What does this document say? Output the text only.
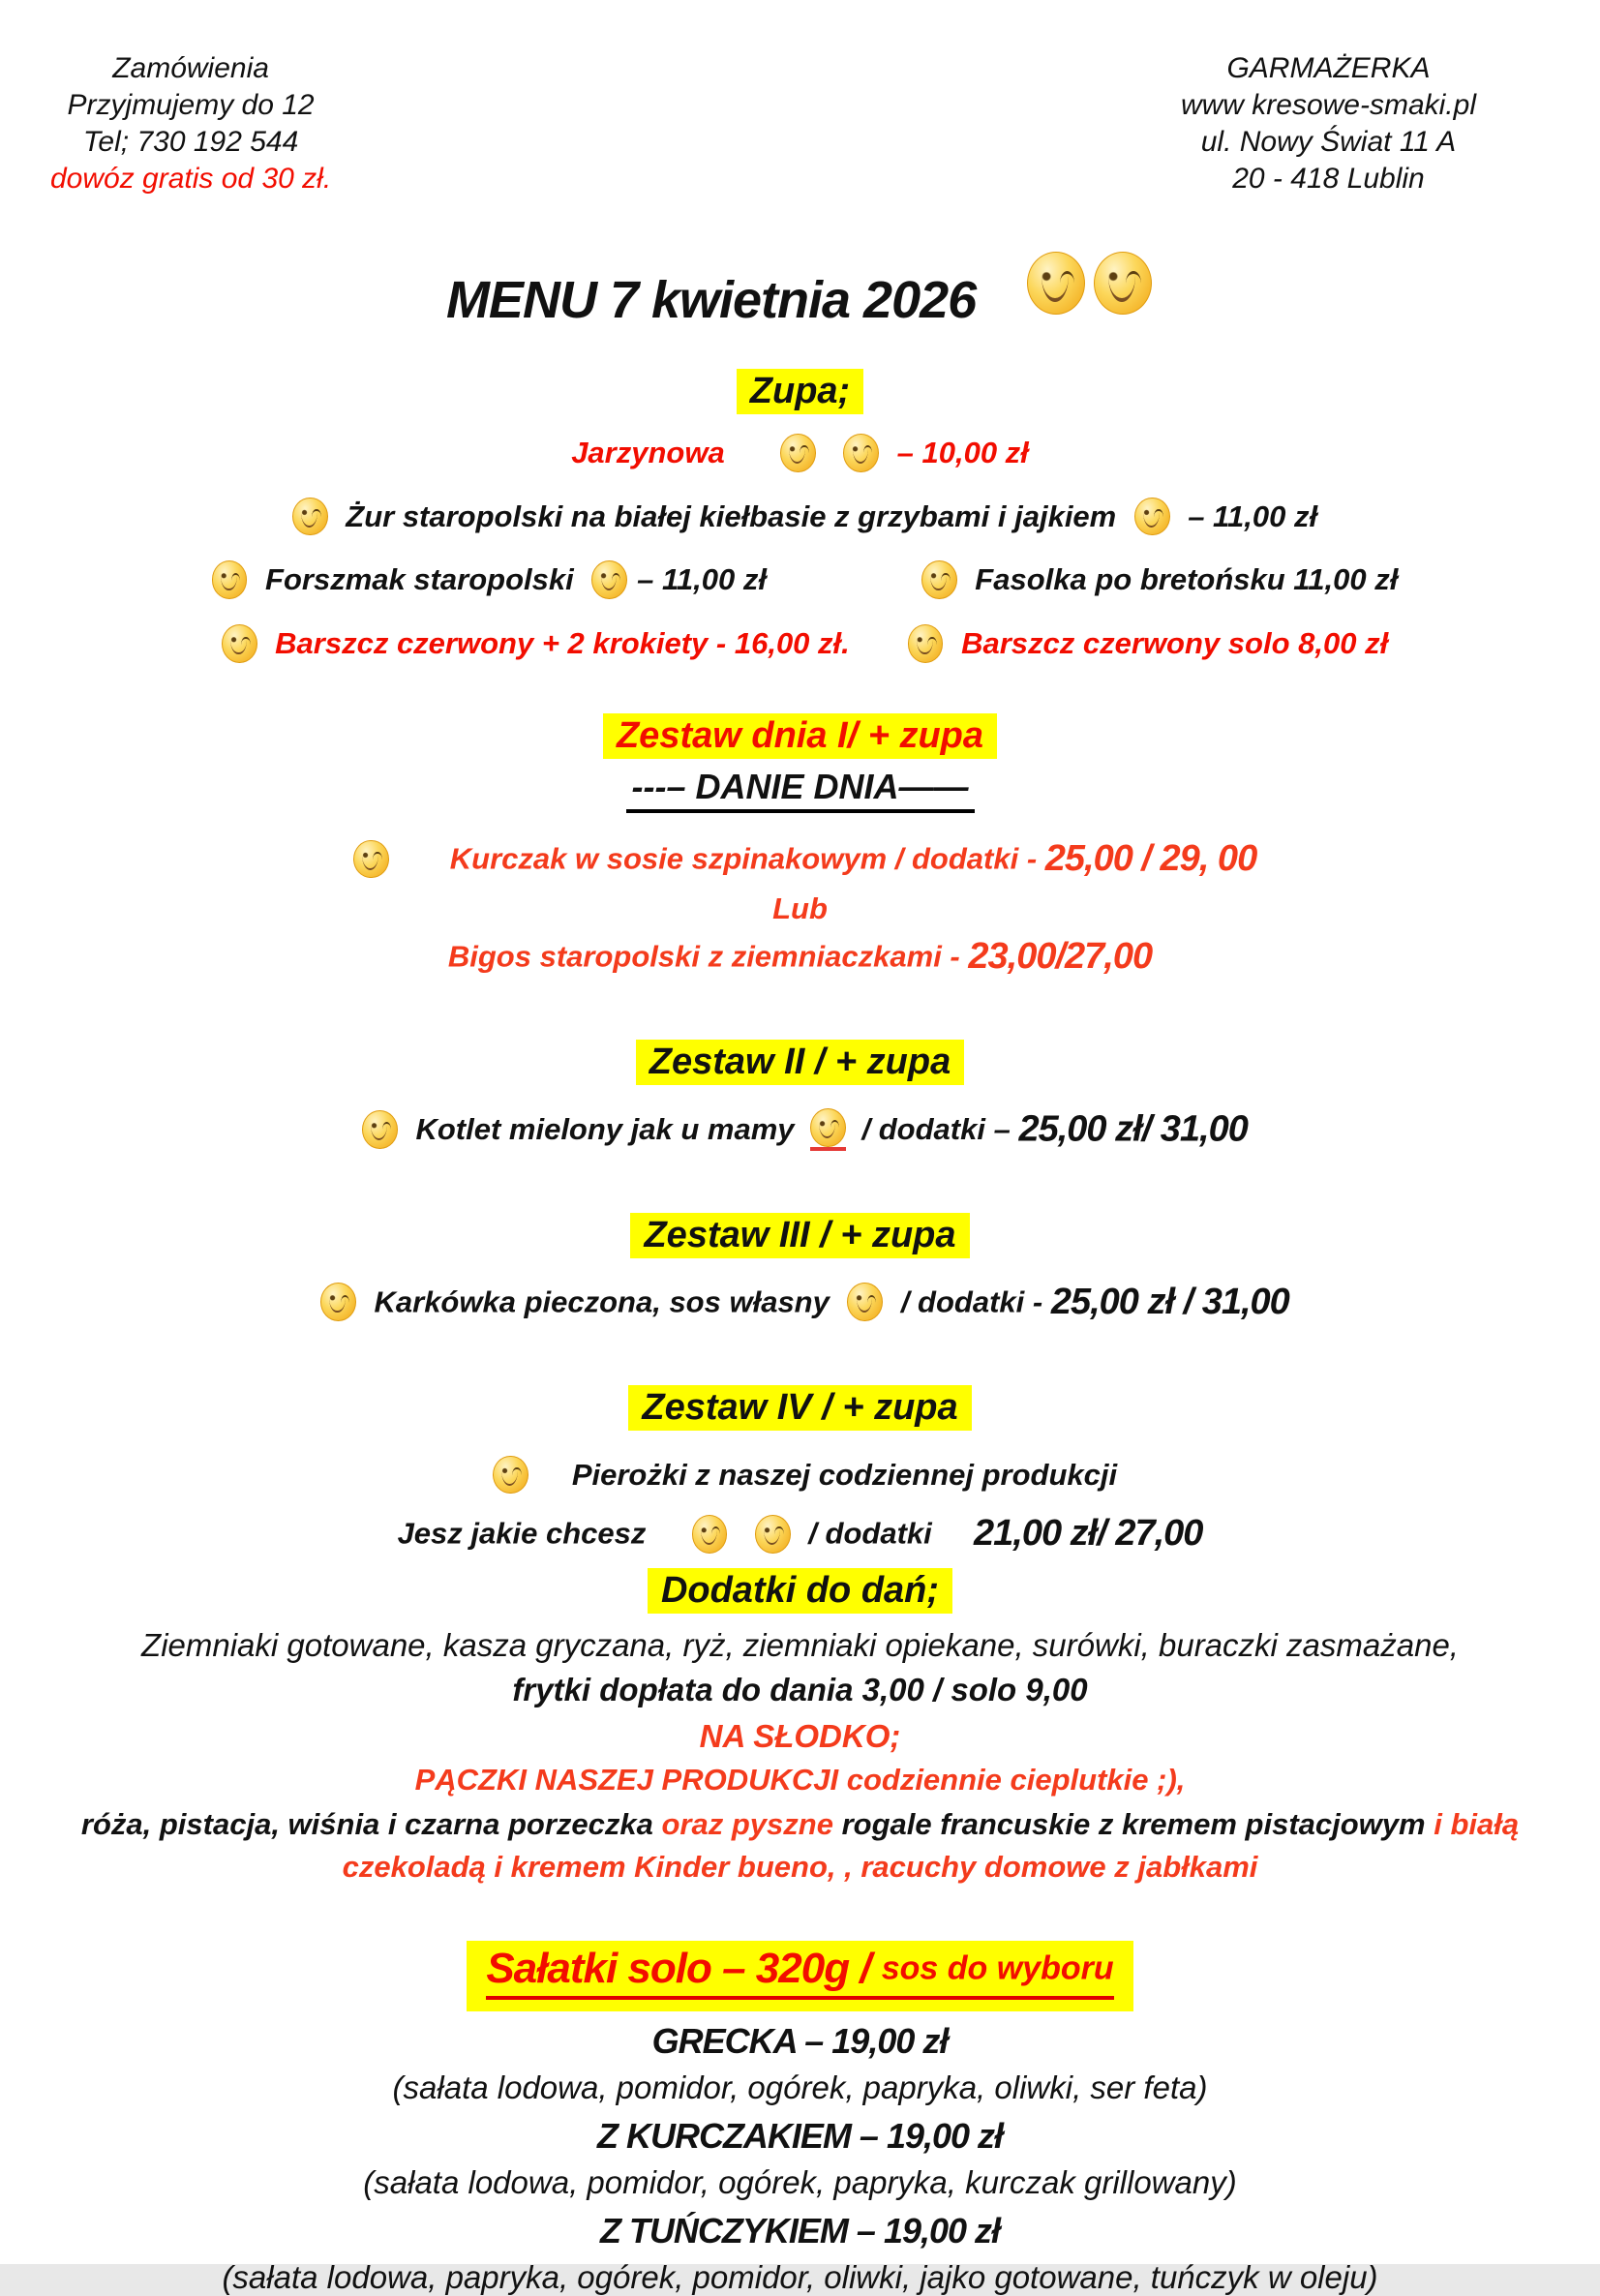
Zamówienia
Przyjmujemy do 12
Tel; 730 192 544
dowóz gratis od 30 zł.
GARMAŻERKA
www kresowe-smaki.pl
ul. Nowy Świat 11 A
20 - 418 Lublin
MENU 7 kwietnia 2026
Zupa;
Jarzynowa	– 10,00 zł
Żur staropolski na białej kiełbasie z grzybami i jajkiem – 11,00 zł
Forszmak staropolski – 11,00 zł	Fasolka po bretońsku 11,00 zł
Barszcz czerwony + 2 krokiety - 16,00 zł.	Barszcz czerwony solo 8,00 zł
Zestaw dnia I/ + zupa
---– DANIE DNIA——
Kurczak w sosie szpinakowym / dodatki - 25,00 / 29, 00
Lub
Bigos staropolski z ziemniaczkami - 23,00/27,00
Zestaw II / + zupa
Kotlet mielony jak u mamy / dodatki – 25,00 zł/ 31,00
Zestaw III / + zupa
Karkówka pieczona, sos własny / dodatki - 25,00 zł / 31,00
Zestaw IV / + zupa
Pierożki z naszej codziennej produkcji
Jesz jakie chcesz	/ dodatki 21,00 zł/ 27,00
Dodatki do dań;
Ziemniaki gotowane, kasza gryczana, ryż, ziemniaki opiekane, surówki, buraczki zasmażane,
frytki dopłata do dania 3,00 / solo 9,00
NA SŁODKO;
PĄCZKI NASZEJ PRODUKCJI codziennie cieplutkie ;),
róża, pistacja, wiśnia i czarna porzeczka oraz pyszne rogale francuskie z kremem pistacjowym i białą
czekoladą i kremem Kinder bueno, , racuchy domowe z jabłkami
Sałatki solo – 320g / sos do wyboru
GRECKA – 19,00 zł
(sałata lodowa, pomidor, ogórek, papryka, oliwki, ser feta)
Z KURCZAKIEM – 19,00 zł
(sałata lodowa, pomidor, ogórek, papryka, kurczak grillowany)
Z TUŃCZYKIEM – 19,00 zł
(sałata lodowa, papryka, ogórek, pomidor, oliwki, jajko gotowane, tuńczyk w oleju)
